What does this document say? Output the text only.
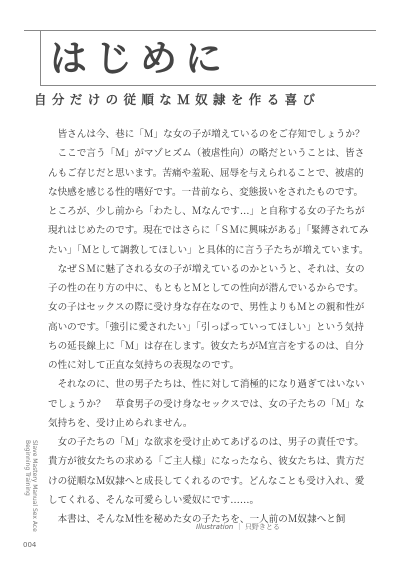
はじめに
自分だけの従順なＭ奴隷を作る喜び

皆さんは今、巷に「Ｍ」な女の子が増えているのをご存知でしょうか？

ここで言う「Ｍ」がマゾヒズム（被虐性向）の略だということは、皆さんもご存じだと思います。苦痛や羞恥、屈辱を与えられることで、被虐的な快感を感じる性的嗜好です。一昔前なら、変態扱いをされたものです。ところが、少し前から「わたし、Ｍなんです…」と自称する女の子たちが現れはじめたのです。現在ではさらに「ＳＭに興味がある」「緊縛されてみたい」「Ｍとして調教してほしい」と具体的に言う子たちが増えています。

なぜＳＭに魅了される女の子が増えているのかというと、それは、女の子の性の在り方の中に、もともとＭとしての性向が潜んでいるからです。女の子はセックスの際に受け身な存在なので、男性よりもＭとの親和性が高いのです。「強引に愛されたい」「引っぱっていってほしい」という気持ちの延長線上に「Ｍ」は存在します。彼女たちがＭ宣言をするのは、自分の性に対して正直な気持ちの表現なのです。

それなのに、世の男子たちは、性に対して消極的になり過ぎてはいないでしょうか？　草食男子の受け身なセックスでは、女の子たちの「Ｍ」な気持ちを、受け止められません。

女の子たちの「Ｍ」な欲求を受け止めてあげるのは、男子の責任です。貴方が彼女たちの求める「ご主人様」になったなら、彼女たちは、貴方だけの従順なＭ奴隷へと成長してくれるのです。どんなことも受け入れ、愛してくれる、そんな可愛らしい愛奴にです……。

本書は、そんなＭ性を秘めた女の子たちを、一人前のＭ奴隷へと飼

Slave Mastery Manual Sex Ace Beginning Training
004
Illustration ｜ 只野きとる
